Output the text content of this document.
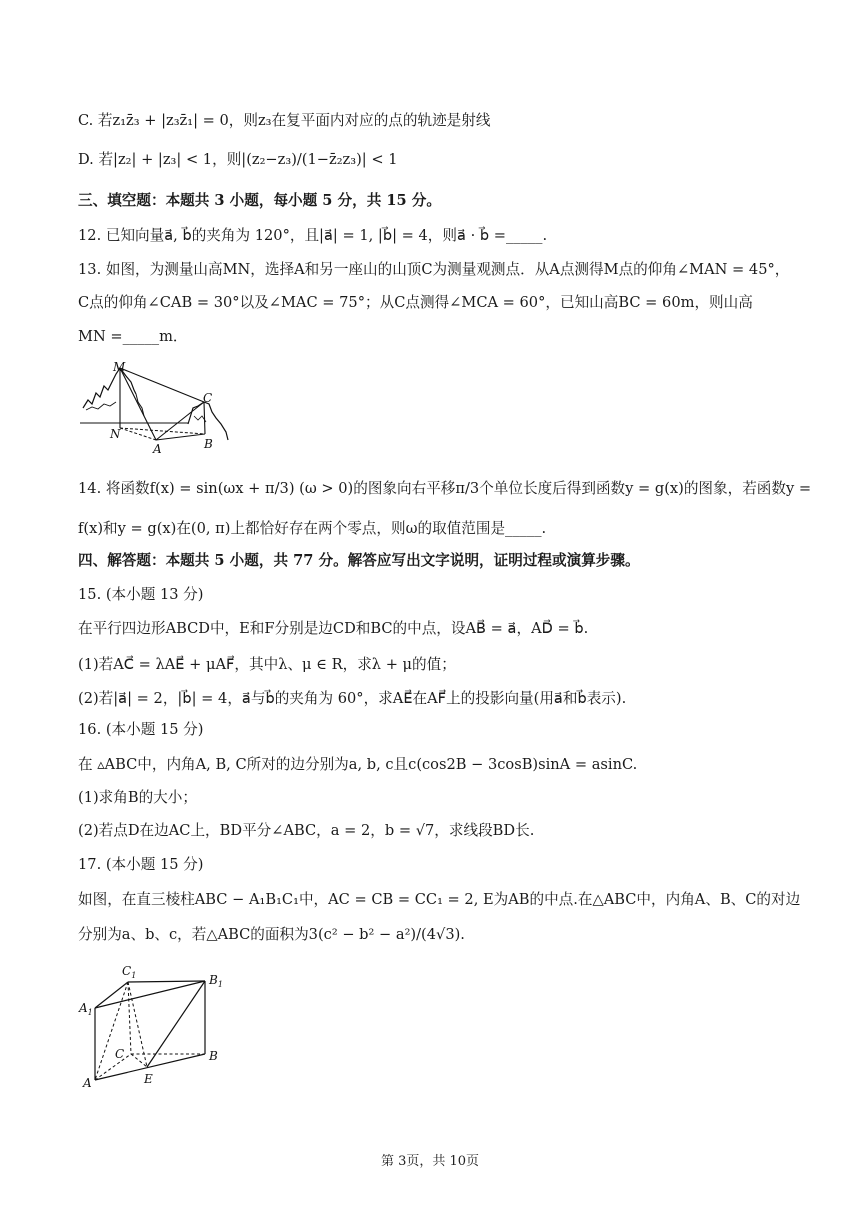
C. 若z₁z̄₃ + |z₃z̄₁| = 0，则z₃在复平面内对应的点的轨迹是射线
D. 若|z₂| + |z₃| < 1，则|(z₂−z₃)/(1−z̄₂z₃)| < 1
三、填空题：本题共 3 小题，每小题 5 分，共 15 分。
12. 已知向量a⃗, b⃗的夹角为 120°，且|a⃗| = 1, |b⃗| = 4，则a⃗ · b⃗ =_____.
13. 如图，为测量山高MN，选择A和另一座山的山顶C为测量观测点．从A点测得M点的仰角∠MAN = 45°，
C点的仰角∠CAB = 30°以及∠MAC = 75°；从C点测得∠MCA = 60°，已知山高BC = 60m，则山高
MN =_____m．
M
C
N
A	B
14. 将函数f(x) = sin(ωx + π/3) (ω > 0)的图象向右平移π/3个单位长度后得到函数y = g(x)的图象，若函数y =
f(x)和y = g(x)在(0, π)上都恰好存在两个零点，则ω的取值范围是_____.
四、解答题：本题共 5 小题，共 77 分。解答应写出文字说明，证明过程或演算步骤。
15. (本小题 13 分)
在平行四边形ABCD中，E和F分别是边CD和BC的中点，设AB⃗ = a⃗，AD⃗ = b⃗.
(1)若AC⃗ = λAE⃗ + μAF⃗，其中λ、μ ∈ R，求λ + μ的值；
(2)若|a⃗| = 2，|b⃗| = 4，a⃗与b⃗的夹角为 60°，求AE⃗在AF⃗上的投影向量(用a⃗和b⃗表示).
16. (本小题 15 分)
在 ▵ABC中，内角A, B, C所对的边分别为a, b, c且c(cos2B − 3cosB)sinA = asinC.
(1)求角B的大小；
(2)若点D在边AC上，BD平分∠ABC，a = 2，b = √7，求线段BD长.
17. (本小题 15 分)
如图，在直三棱柱ABC − A₁B₁C₁中，AC = CB = CC₁ = 2, E为AB的中点.在△ABC中，内角A、B、C的对边
分别为a、b、c，若△ABC的面积为3(c² − b² − a²)/(4√3).
$C_1$	$B_1$
$A_1$
C	B
A	E
第 3页，共 10页
